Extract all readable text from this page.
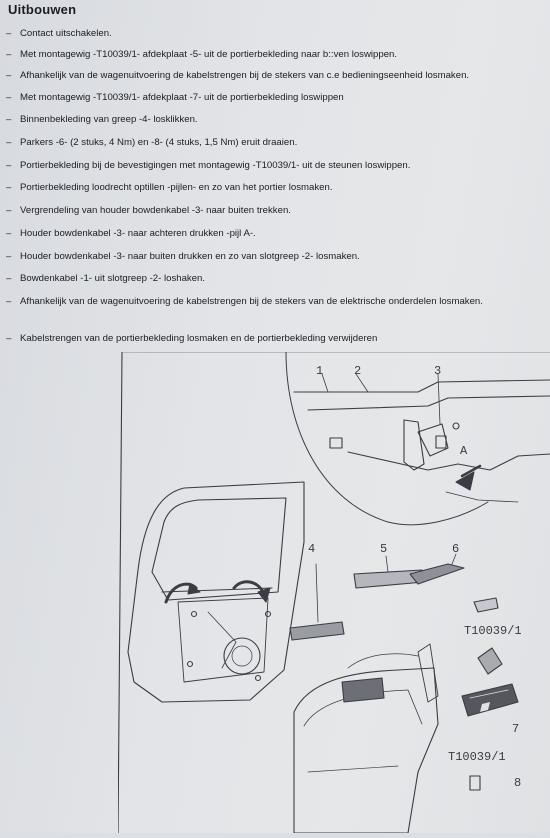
Uitbouwen
– Contact uitschakelen.
– Met montagewig -T10039/1- afdekplaat -5- uit de portierbekleding naar b::ven loswippen.
– Afhankelijk van de wagenuitvoering de kabelstrengen bij de stekers van c.e bedieningseenheid losmaken.
– Met montagewig -T10039/1- afdekplaat -7- uit de portierbekleding loswippen
– Binnenbekleding van greep -4- losklikken.
– Parkers -6- (2 stuks, 4 Nm) en -8- (4 stuks, 1,5 Nm) eruit draaien.
– Portierbekleding bij de bevestigingen met montagewig -T10039/1- uit de steunen loswippen.
– Portierbekleding loodrecht optillen -pijlen- en zo van het portier losmaken.
– Vergrendeling van houder bowdenkabel -3- naar buiten trekken.
– Houder bowdenkabel -3- naar achteren drukken -pijl A-.
– Houder bowdenkabel -3- naar buiten drukken en zo van slotgreep -2- losmaken.
– Bowdenkabel -1- uit slotgreep -2- loshaken.
– Afhankelijk van de wagenuitvoering de kabelstrengen bij de stekers van de elektrische onderdelen losmaken.
– Kabelstrengen van de portierbekleding losmaken en de portierbekleding verwijderen
1	2	3
A
4	5	6
T10039/1
7
T10039/1
8
